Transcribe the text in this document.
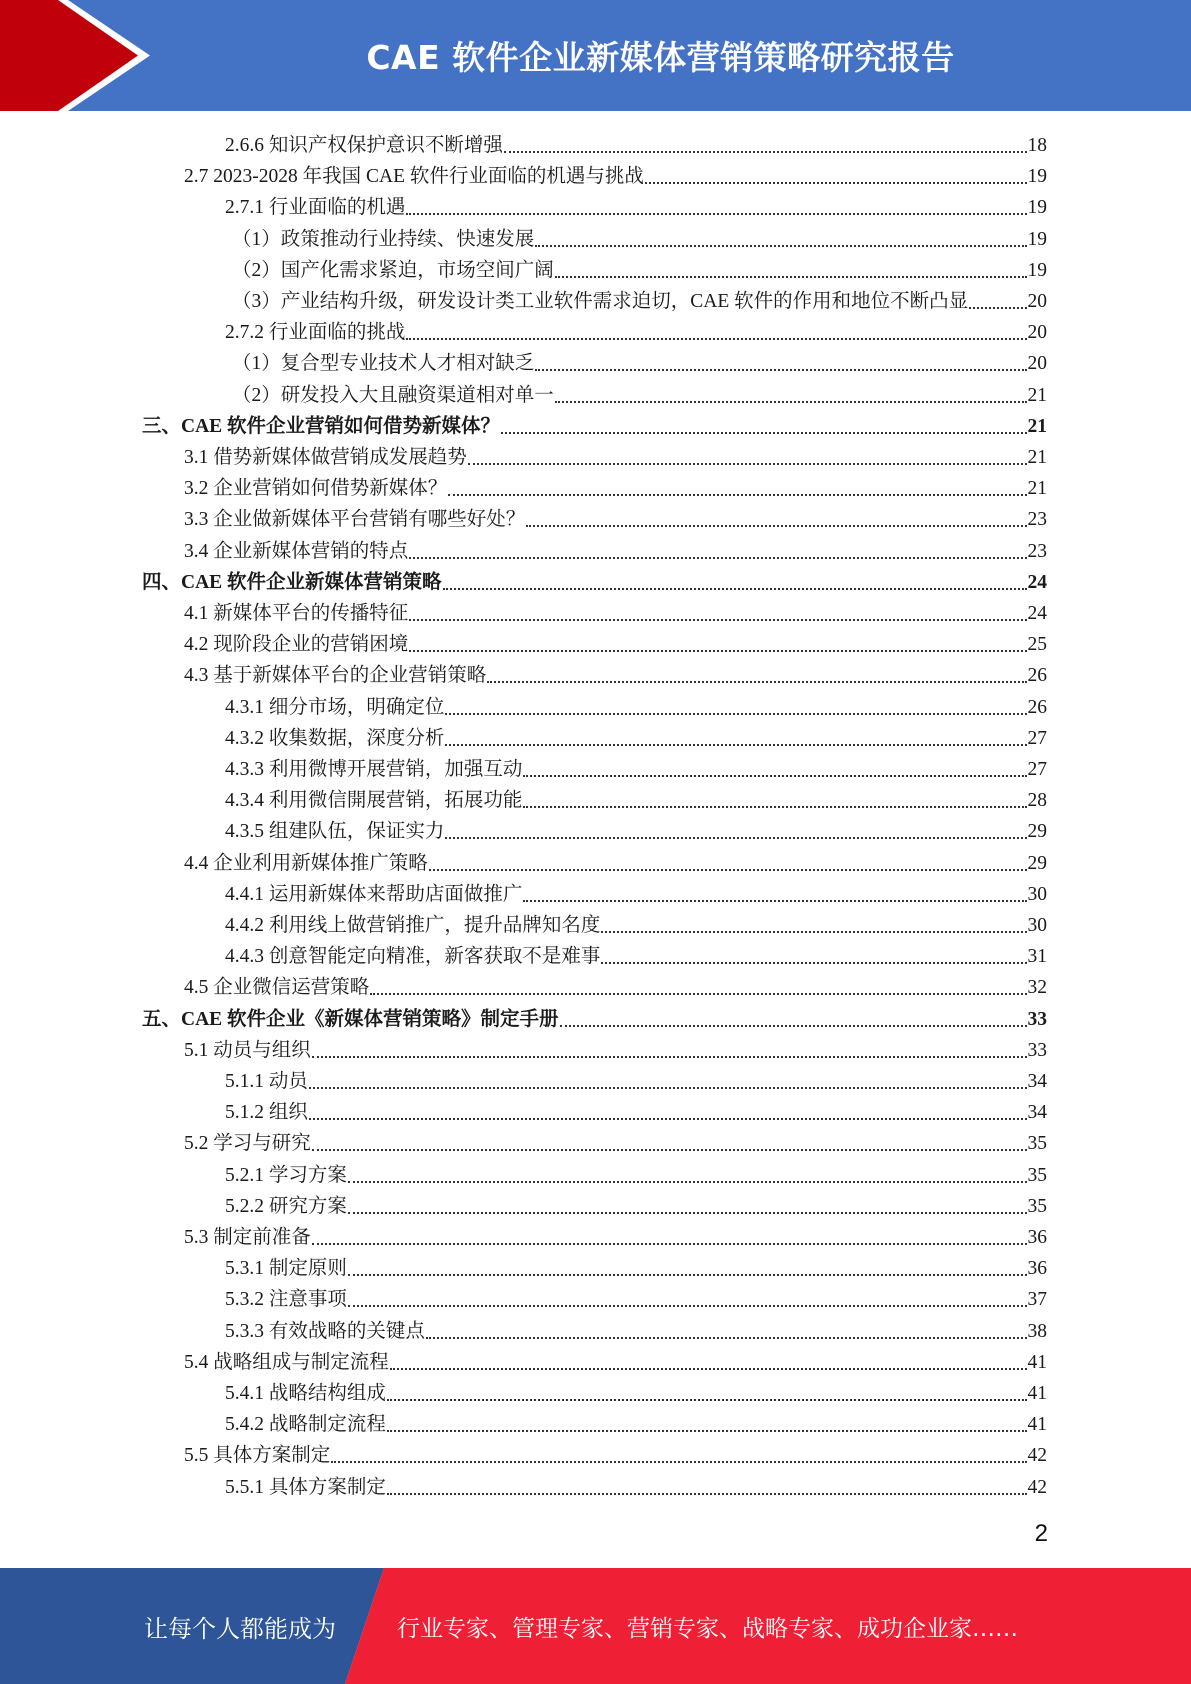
CAE 软件企业新媒体营销策略研究报告
2.6.6 知识产权保护意识不断增强	18
2.7 2023-2028 年我国 CAE 软件行业面临的机遇与挑战	19
2.7.1 行业面临的机遇	19
（1）政策推动行业持续、快速发展	19
（2）国产化需求紧迫，市场空间广阔	19
（3）产业结构升级，研发设计类工业软件需求迫切，CAE 软件的作用和地位不断凸显	20
2.7.2 行业面临的挑战	20
（1）复合型专业技术人才相对缺乏	20
（2）研发投入大且融资渠道相对单一	21
三、CAE 软件企业营销如何借势新媒体？	21
3.1 借势新媒体做营销成发展趋势	21
3.2 企业营销如何借势新媒体？	21
3.3 企业做新媒体平台营销有哪些好处？	23
3.4 企业新媒体营销的特点	23
四、CAE 软件企业新媒体营销策略	24
4.1 新媒体平台的传播特征	24
4.2 现阶段企业的营销困境	25
4.3 基于新媒体平台的企业营销策略	26
4.3.1 细分市场，明确定位	26
4.3.2 收集数据，深度分析	27
4.3.3 利用微博开展营销，加强互动	27
4.3.4 利用微信開展营销，拓展功能	28
4.3.5 组建队伍，保证实力	29
4.4 企业利用新媒体推广策略	29
4.4.1 运用新媒体来帮助店面做推广	30
4.4.2 利用线上做营销推广，提升品牌知名度	30
4.4.3 创意智能定向精准，新客获取不是难事	31
4.5 企业微信运营策略	32
五、CAE 软件企业《新媒体营销策略》制定手册	33
5.1 动员与组织	33
5.1.1 动员	34
5.1.2 组织	34
5.2 学习与研究	35
5.2.1 学习方案	35
5.2.2 研究方案	35
5.3 制定前准备	36
5.3.1 制定原则	36
5.3.2 注意事项	37
5.3.3 有效战略的关键点	38
5.4 战略组成与制定流程	41
5.4.1 战略结构组成	41
5.4.2 战略制定流程	41
5.5 具体方案制定	42
5.5.1 具体方案制定	42
2
让每个人都能成为	行业专家、管理专家、营销专家、战略专家、成功企业家……
